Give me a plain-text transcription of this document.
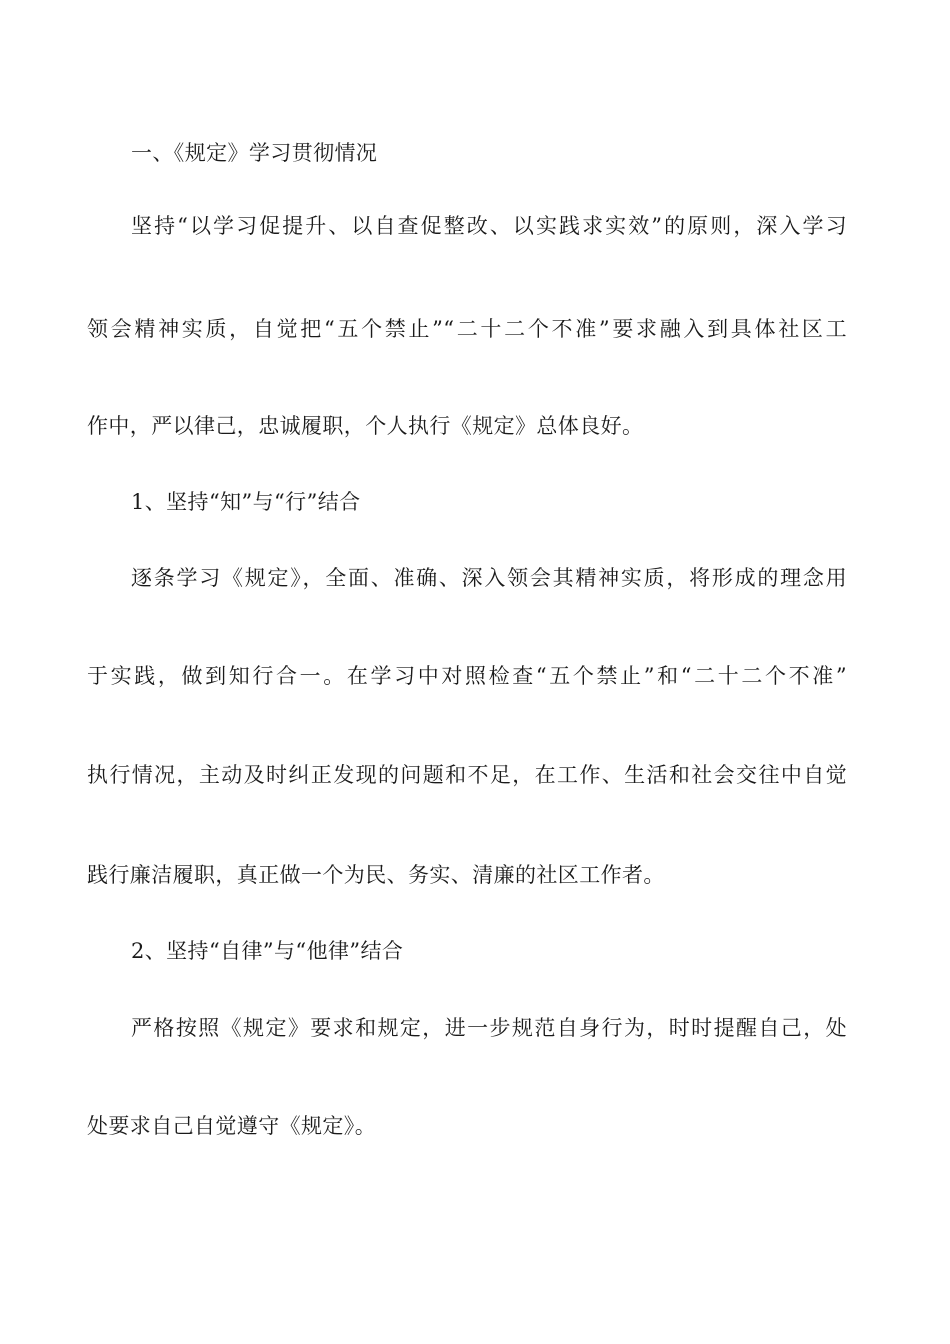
一、《规定》学习贯彻情况
坚持“以学习促提升、以自查促整改、以实践求实效”的原则，深入学习
领会精神实质，自觉把“五个禁止”“二十二个不准”要求融入到具体社区工
作中，严以律己，忠诚履职，个人执行《规定》总体良好。
1、坚持“知”与“行”结合
逐条学习《规定》，全面、准确、深入领会其精神实质，将形成的理念用
于实践，做到知行合一。在学习中对照检查“五个禁止”和“二十二个不准”
执行情况，主动及时纠正发现的问题和不足，在工作、生活和社会交往中自觉
践行廉洁履职，真正做一个为民、务实、清廉的社区工作者。
2、坚持“自律”与“他律”结合
严格按照《规定》要求和规定，进一步规范自身行为，时时提醒自己，处
处要求自己自觉遵守《规定》。
